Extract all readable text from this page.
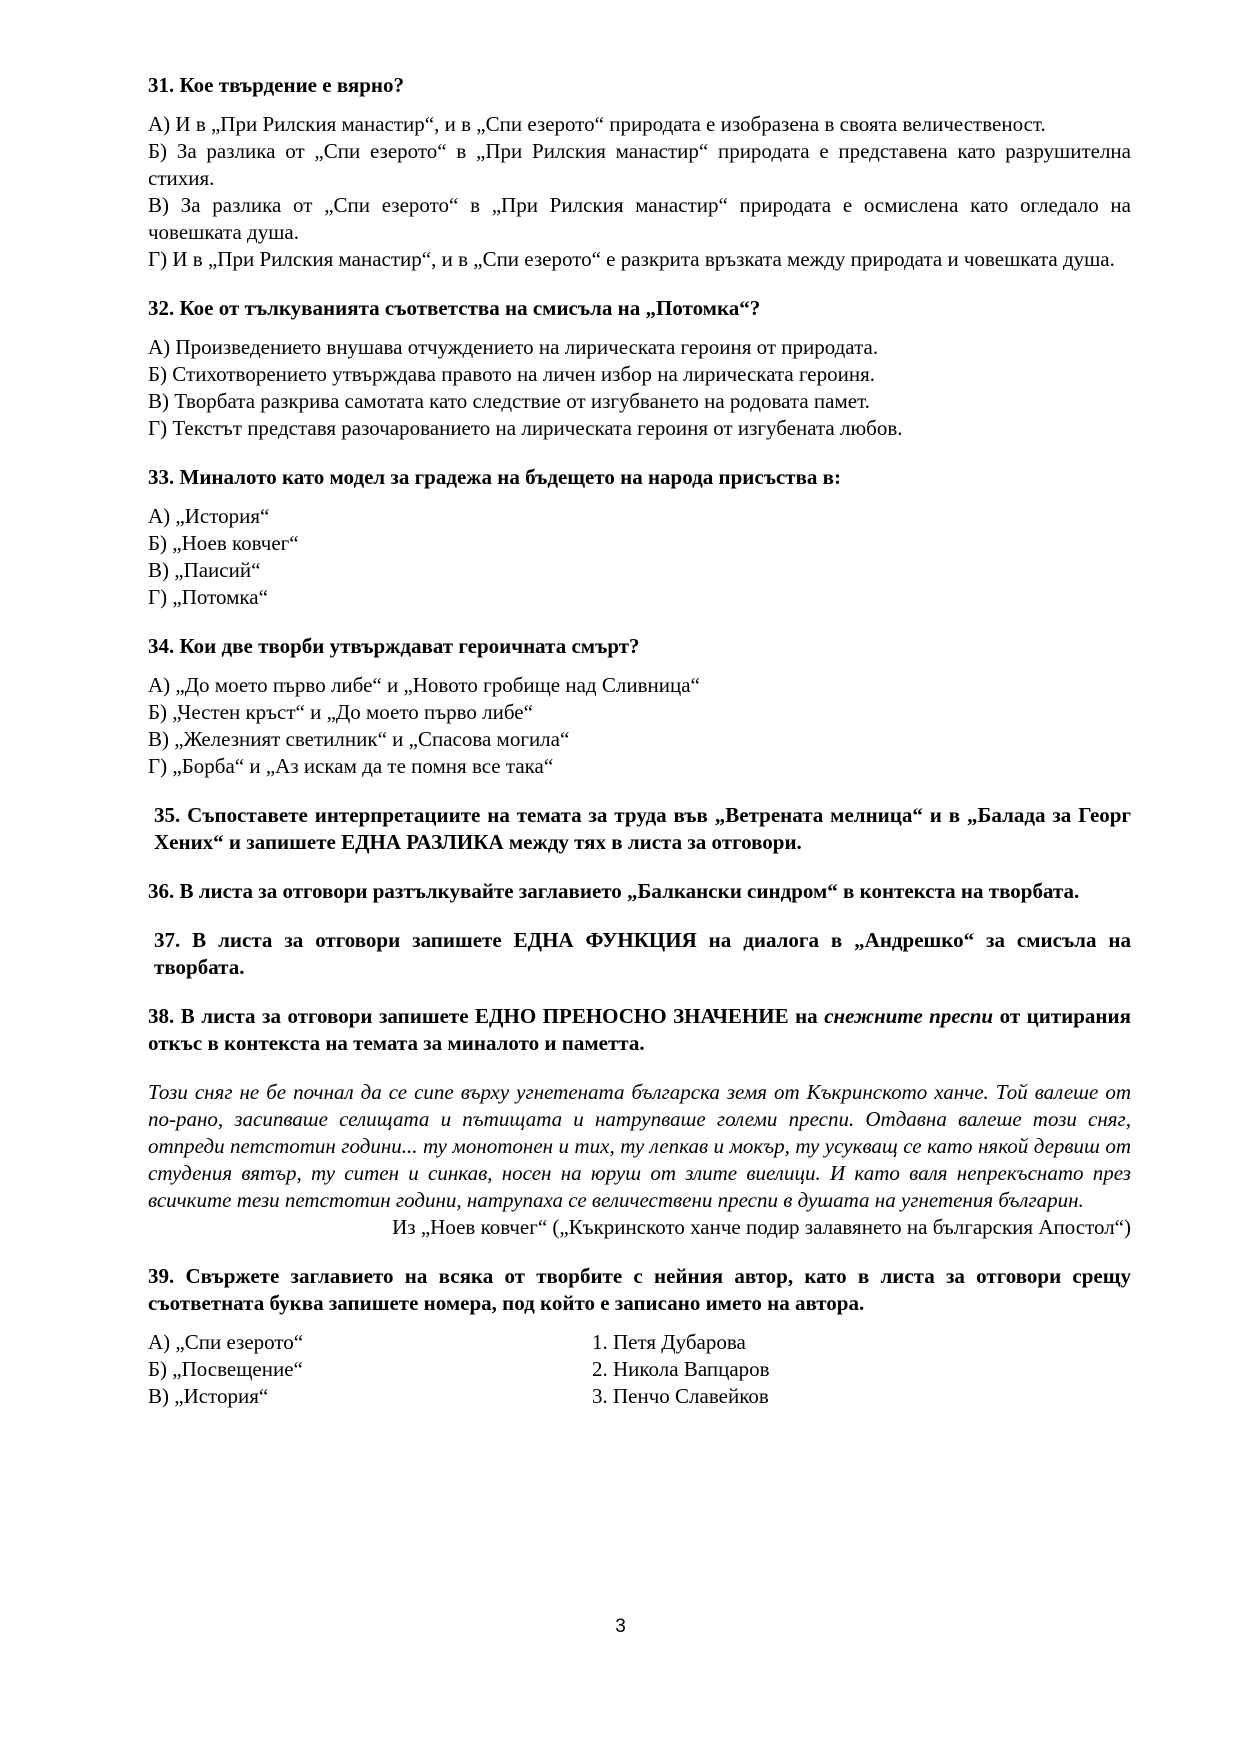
31. Кое твърдение е вярно?

А) И в „При Рилския манастир“, и в „Спи езерото“ природата е изобразена в своята величественост.

Б) За разлика от „Спи езерото“ в „При Рилския манастир“ природата е представена като разрушителна стихия.

В) За разлика от „Спи езерото“ в „При Рилския манастир“ природата е осмислена като огледало на човешката душа.

Г) И в „При Рилския манастир“, и в „Спи езерото“ е разкрита връзката между природата и човешката душа.

32. Кое от тълкуванията съответства на смисъла на „Потомка“?

А) Произведението внушава отчуждението на лирическата героиня от природата.

Б) Стихотворението утвърждава правото на личен избор на лирическата героиня.

В) Творбата разкрива самотата като следствие от изгубването на родовата памет.

Г) Текстът представя разочарованието на лирическата героиня от изгубената любов.

33. Миналото като модел за градежа на бъдещето на народа присъства в:

А) „История“

Б) „Ноев ковчег“

В) „Паисий“

Г) „Потомка“

34. Кои две творби утвърждават героичната смърт?

А) „До моето първо либе“ и „Новото гробище над Сливница“

Б) „Честен кръст“ и „До моето първо либе“

В) „Железният светилник“ и „Спасова могила“

Г) „Борба“ и „Аз искам да те помня все така“

35. Съпоставете интерпретациите на темата за труда във „Ветрената мелница“ и в „Балада за Георг Хених“ и запишете ЕДНА РАЗЛИКА между тях в листа за отговори.

36. В листа за отговори разтълкувайте заглавието „Балкански синдром“ в контекста на творбата.

37. В листа за отговори запишете ЕДНА ФУНКЦИЯ на диалога в „Андрешко“ за смисъла на творбата.

38. В листа за отговори запишете ЕДНО ПРЕНОСНО ЗНАЧЕНИЕ на снежните преспи от цитирания откъс в контекста на темата за миналото и паметта.

Този сняг не бе почнал да се сипе върху угнетената българска земя от Къкринското ханче. Той валеше от по-рано, засипваше селищата и пътищата и натрупваше големи преспи. Отдавна валеше този сняг, отпреди петстотин години... ту монотонен и тих, ту лепкав и мокър, ту усукващ се като някой дервиш от студения вятър, ту ситен и синкав, носен на юруш от злите виелици. И като валя непрекъснато през всичките тези петстотин години, натрупаха се величествени преспи в душата на угнетения българин.

Из „Ноев ковчег“ („Къкринското ханче подир залавянето на българския Апостол“)

39. Свържете заглавието на всяка от творбите с нейния автор, като в листа за отговори срещу съответната буква запишете номера, под който е записано името на автора.

А) „Спи езерото“

Б) „Посвещение“

В) „История“

1. Петя Дубарова

2. Никола Вапцаров

3. Пенчо Славейков

3
